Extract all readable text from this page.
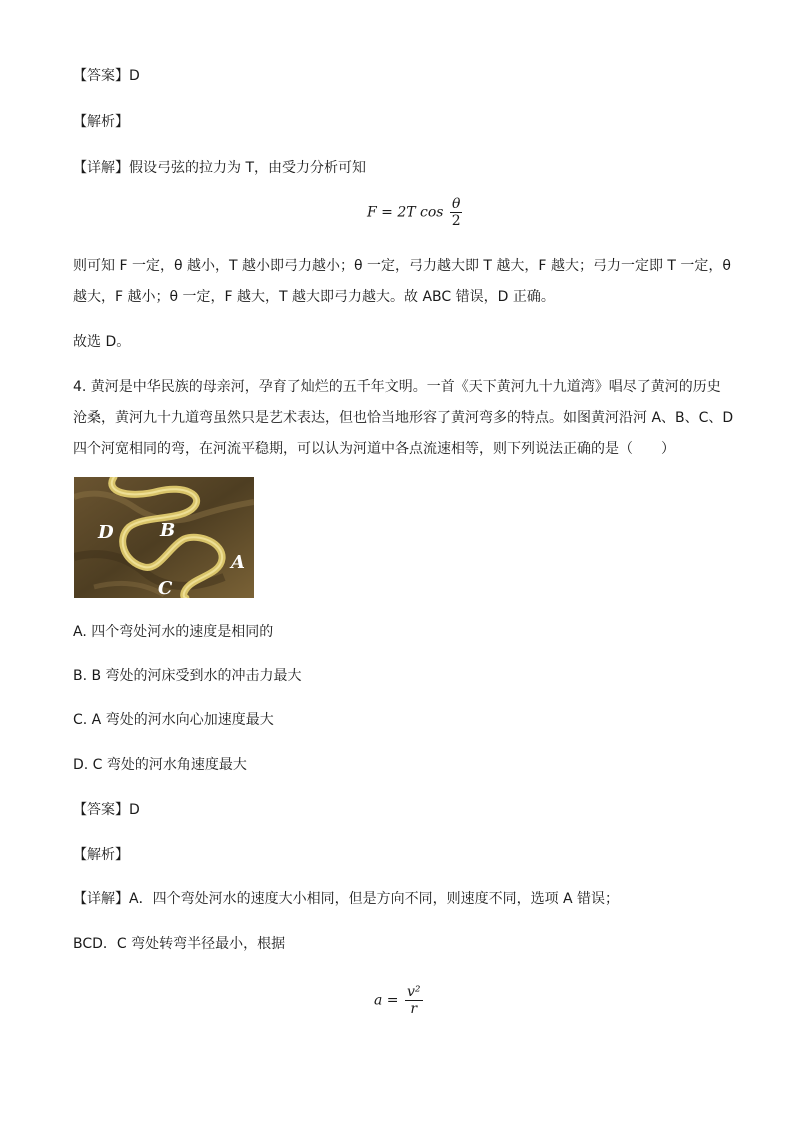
【答案】D
【解析】
【详解】假设弓弦的拉力为 T，由受力分析可知
F = 2T $\cos \frac{\theta}{2}$
则可知 F 一定，θ 越小，T 越小即弓力越小；θ 一定，弓力越大即 T 越大，F 越大；弓力一定即 T 一定，θ
越大，F 越小；θ 一定，F 越大，T 越大即弓力越大。故 ABC 错误，D 正确。
故选 D。
4. 黄河是中华民族的母亲河，孕育了灿烂的五千年文明。一首《天下黄河九十九道湾》唱尽了黄河的历史
沧桑，黄河九十九道弯虽然只是艺术表达，但也恰当地形容了黄河弯多的特点。如图黄河沿河 A、B、C、D
四个河宽相同的弯，在河流平稳期，可以认为河道中各点流速相等，则下列说法正确的是（　　）
D	B
A
C
A. 四个弯处河水的速度是相同的
B. B 弯处的河床受到水的冲击力最大
C. A 弯处的河水向心加速度最大
D. C 弯处的河水角速度最大
【答案】D
【解析】
【详解】A．四个弯处河水的速度大小相同，但是方向不同，则速度不同，选项 A 错误；
BCD．C 弯处转弯半径最小，根据
$a = \frac{\text{v²}}{r}$
